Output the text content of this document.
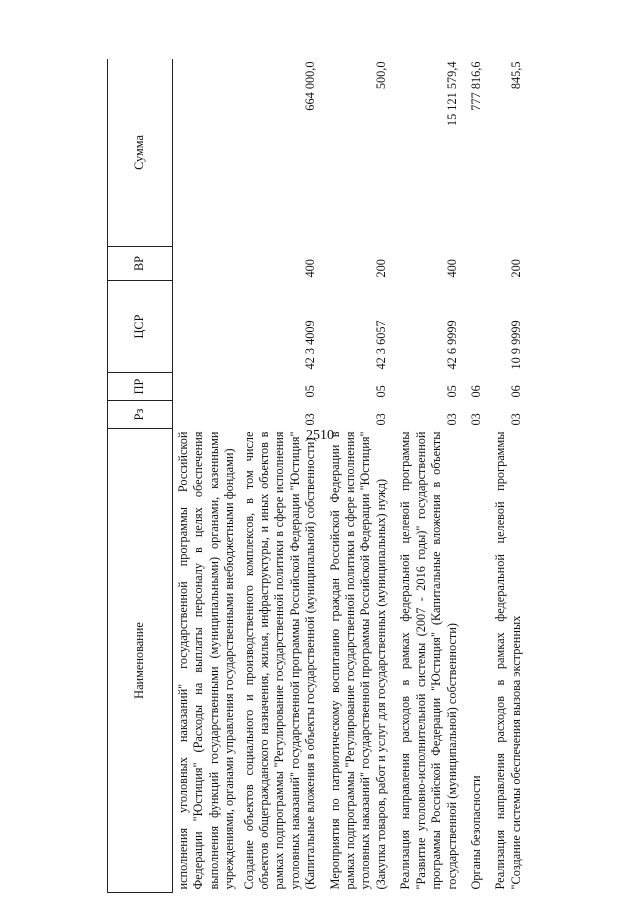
2510
Наименование	Рз	ПР	ЦСР	ВР	Сумма
исполнения уголовных наказаний" государственной программы Российской Федерации "Юстиция" (Расходы на выплаты персоналу в целях обеспечения выполнения функций государственными (муниципальными) органами, казенными учреждениями, органами управления государственными внебюджетными фондами)					
Создание объектов социального и производственного комплексов, в том числе объектов общегражданского назначения, жилья, инфраструктуры, и иных объектов в рамках подпрограммы "Регулирование государственной политики в сфере исполнения уголовных наказаний" государственной программы Российской Федерации "Юстиция" (Капитальные вложения в объекты государственной (муниципальной) собственности)	03	05	42 3 4009	400	664 000,0
Мероприятия по патриотическому воспитанию граждан Российской Федерации в рамках подпрограммы "Регулирование государственной политики в сфере исполнения уголовных наказаний" государственной программы Российской Федерации "Юстиция" (Закупка товаров, работ и услуг для государственных (муниципальных) нужд)	03	05	42 3 6057	200	500,0
Реализация направления расходов в рамках федеральной целевой программы "Развитие уголовно-исполнительной системы (2007 - 2016 годы)" государственной программы Российской Федерации "Юстиция" (Капитальные вложения в объекты государственной (муниципальной) собственности)	03	05	42 6 9999	400	15 121 579,4
Органы безопасности	03	06			777 816,6
Реализация направления расходов в рамках федеральной целевой программы "Создание системы обеспечения вызова экстренных	03	06	10 9 9999	200	845,5
